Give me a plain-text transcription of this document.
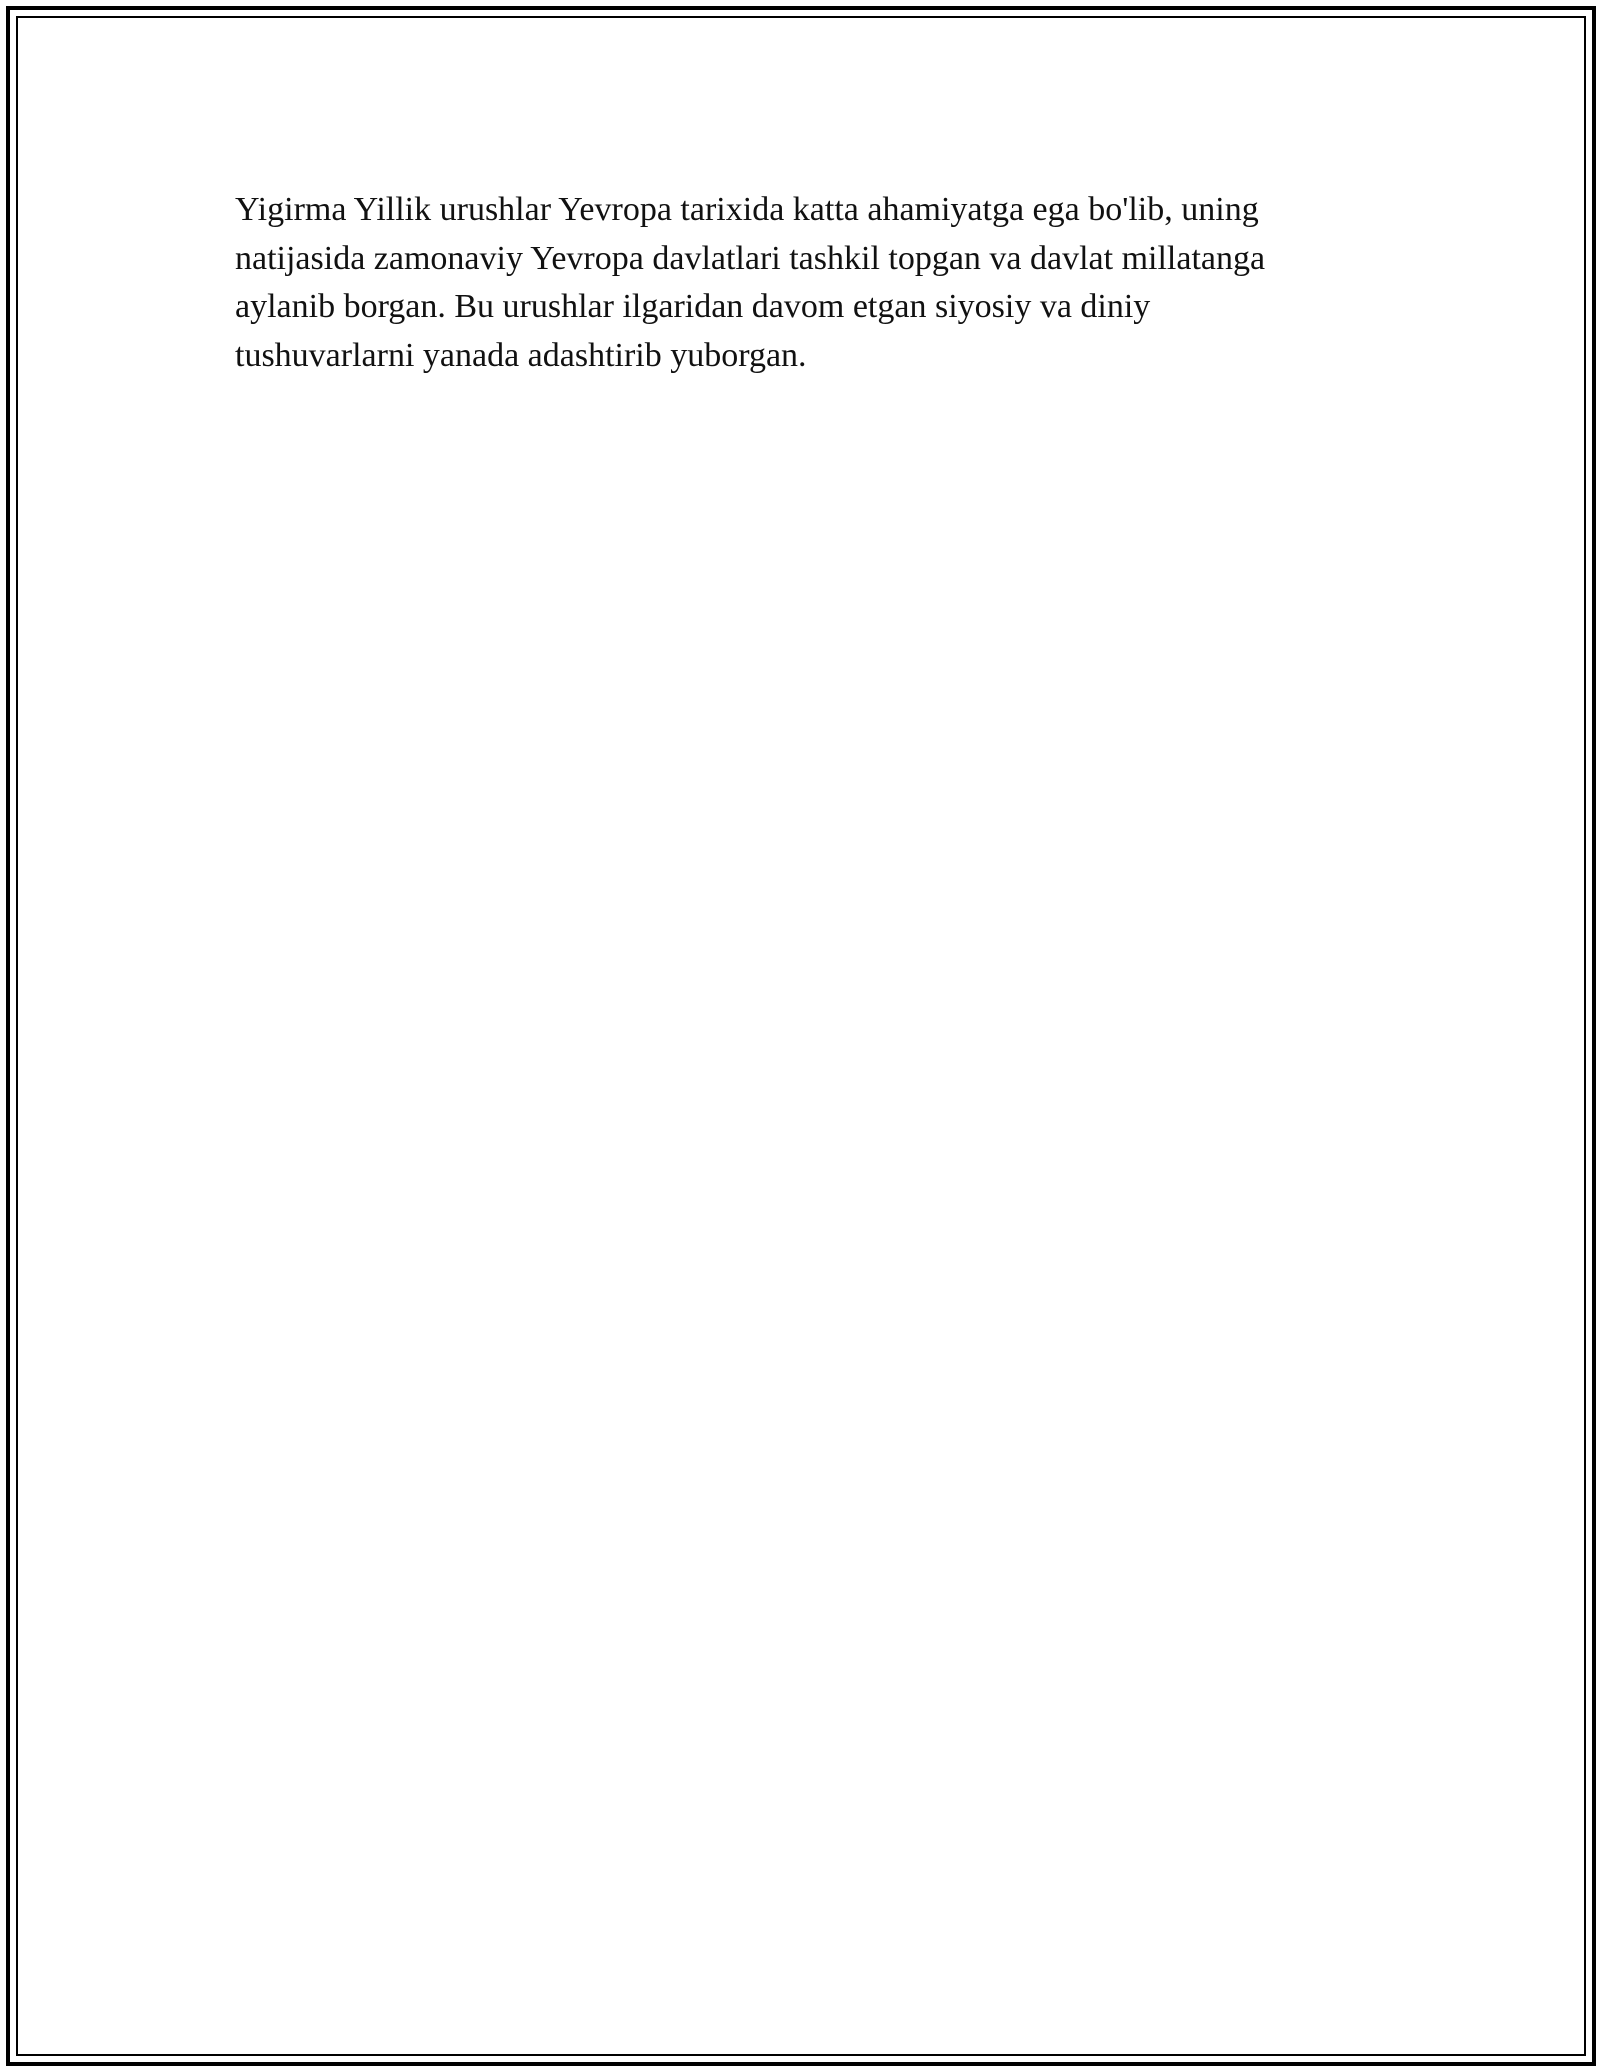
Yigirma Yillik urushlar Yevropa tarixida katta ahamiyatga ega bo'lib, uning
natijasida zamonaviy Yevropa davlatlari tashkil topgan va davlat millatanga
aylanib borgan. Bu urushlar ilgaridan davom etgan siyosiy va diniy
tushuvarlarni yanada adashtirib yuborgan.
